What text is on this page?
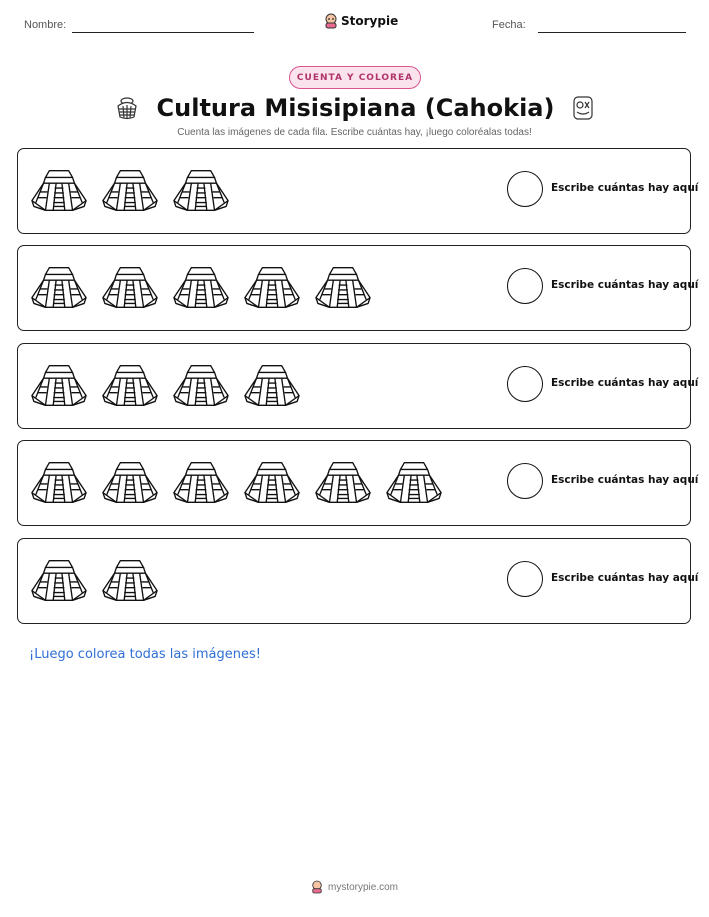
Nombre:	Storypie	Fecha:
CUENTA Y COLOREA
Cultura Misisipiana (Cahokia)
Cuenta las imágenes de cada fila. Escribe cuántas hay, ¡luego coloréalas todas!
Escribe cuántas hay aquí
Escribe cuántas hay aquí
Escribe cuántas hay aquí
Escribe cuántas hay aquí
Escribe cuántas hay aquí
¡Luego colorea todas las imágenes!
mystorypie.com
